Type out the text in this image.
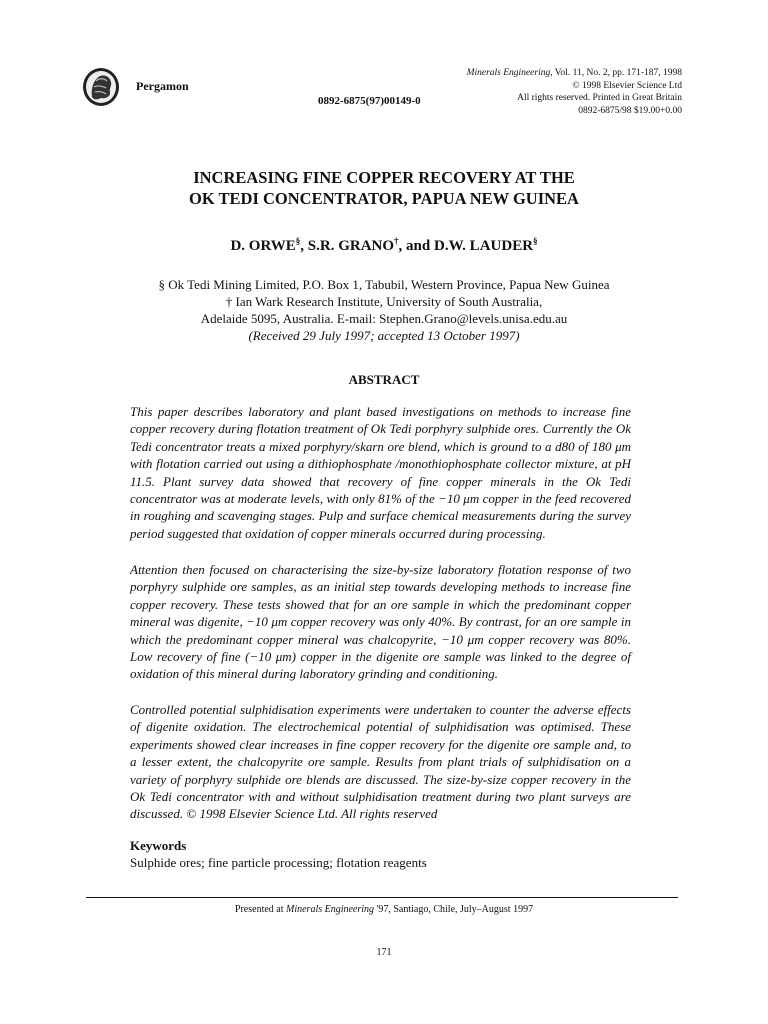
Pergamon
0892-6875(97)00149-0
Minerals Engineering, Vol. 11, No. 2, pp. 171-187, 1998
© 1998 Elsevier Science Ltd
All rights reserved. Printed in Great Britain
0892-6875/98 $19.00+0.00
INCREASING FINE COPPER RECOVERY AT THE
OK TEDI CONCENTRATOR, PAPUA NEW GUINEA
D. ORWE§, S.R. GRANO†, and D.W. LAUDER§
§ Ok Tedi Mining Limited, P.O. Box 1, Tabubil, Western Province, Papua New Guinea
† Ian Wark Research Institute, University of South Australia,
Adelaide 5095, Australia. E-mail: Stephen.Grano@levels.unisa.edu.au
(Received 29 July 1997; accepted 13 October 1997)
ABSTRACT
This paper describes laboratory and plant based investigations on methods to increase fine copper recovery during flotation treatment of Ok Tedi porphyry sulphide ores. Currently the Ok Tedi concentrator treats a mixed porphyry/skarn ore blend, which is ground to a d80 of 180 μm with flotation carried out using a dithiophosphate /monothiophosphate collector mixture, at pH 11.5. Plant survey data showed that recovery of fine copper minerals in the Ok Tedi concentrator was at moderate levels, with only 81% of the −10 μm copper in the feed recovered in roughing and scavenging stages. Pulp and surface chemical measurements during the survey period suggested that oxidation of copper minerals occurred during processing.
Attention then focused on characterising the size-by-size laboratory flotation response of two porphyry sulphide ore samples, as an initial step towards developing methods to increase fine copper recovery. These tests showed that for an ore sample in which the predominant copper mineral was digenite, −10 μm copper recovery was only 40%. By contrast, for an ore sample in which the predominant copper mineral was chalcopyrite, −10 μm copper recovery was 80%. Low recovery of fine (−10 μm) copper in the digenite ore sample was linked to the degree of oxidation of this mineral during laboratory grinding and conditioning.
Controlled potential sulphidisation experiments were undertaken to counter the adverse effects of digenite oxidation. The electrochemical potential of sulphidisation was optimised. These experiments showed clear increases in fine copper recovery for the digenite ore sample and, to a lesser extent, the chalcopyrite ore sample. Results from plant trials of sulphidisation on a variety of porphyry sulphide ore blends are discussed. The size-by-size copper recovery in the Ok Tedi concentrator with and without sulphidisation treatment during two plant surveys are discussed. © 1998 Elsevier Science Ltd. All rights reserved
Keywords
Sulphide ores; fine particle processing; flotation reagents
Presented at Minerals Engineering '97, Santiago, Chile, July–August 1997
171
